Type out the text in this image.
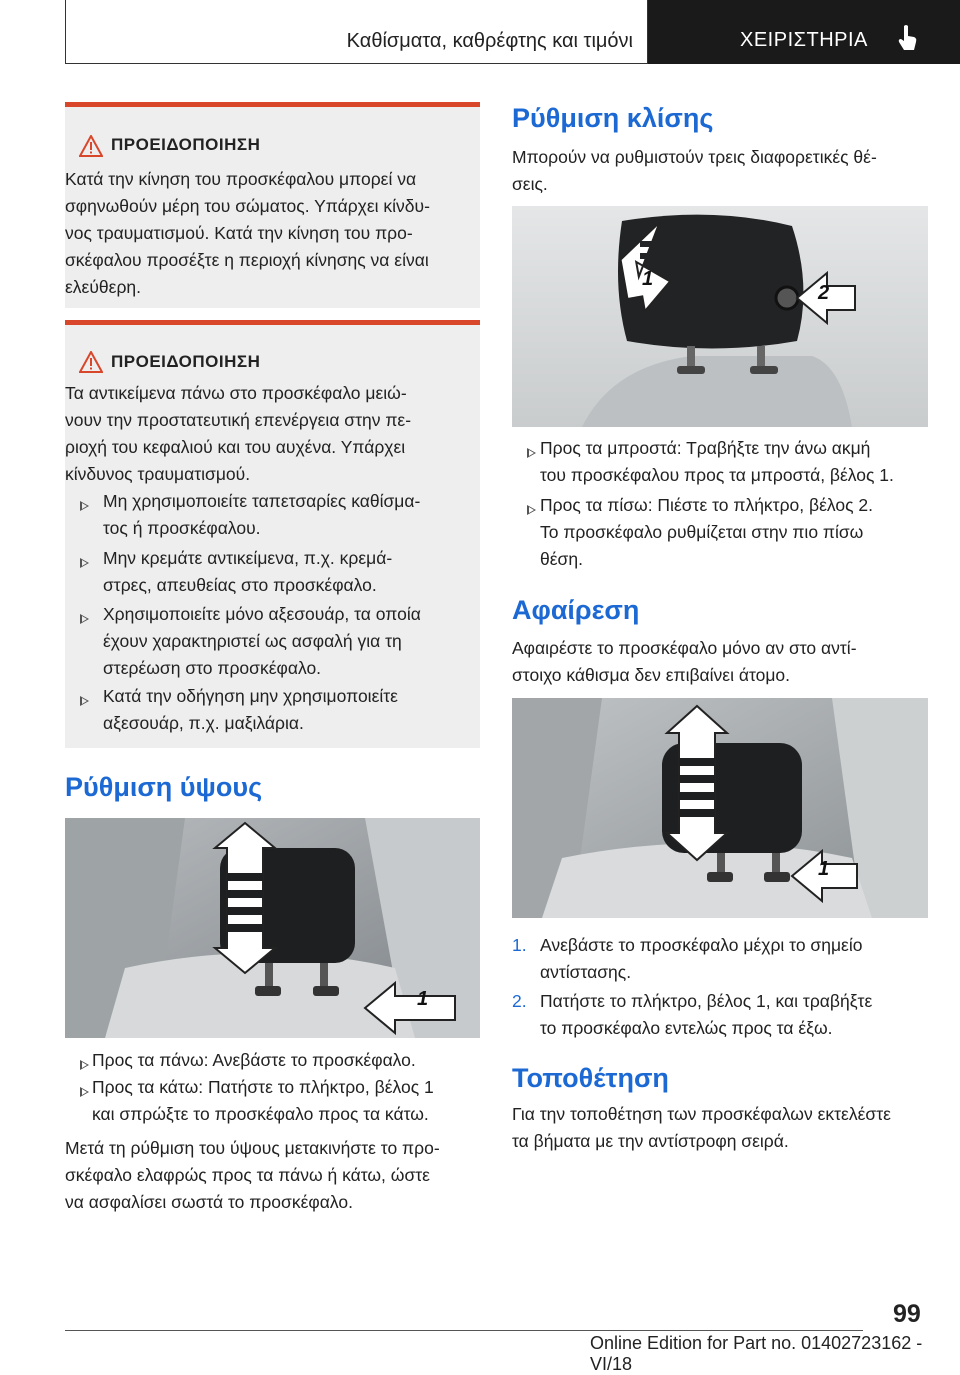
Καθίσματα, καθρέφτης και τιμόνι	ΧΕΙΡΙΣΤΗΡΙΑ
ΠΡΟΕΙΔΟΠΟΙΗΣΗ
Κατά την κίνηση του προσκέφαλου μπορεί να
σφηνωθούν μέρη του σώματος. Υπάρχει κίνδυ-
νος τραυματισμού. Κατά την κίνηση του προ-
σκέφαλου προσέξτε η περιοχή κίνησης να είναι
ελεύθερη.
ΠΡΟΕΙΔΟΠΟΙΗΣΗ
Τα αντικείμενα πάνω στο προσκέφαλο μειώ-
νουν την προστατευτική επενέργεια στην πε-
ριοχή του κεφαλιού και του αυχένα. Υπάρχει
κίνδυνος τραυματισμού.
Μη χρησιμοποιείτε ταπετσαρίες καθίσμα-
τος ή προσκέφαλου.
Μην κρεμάτε αντικείμενα, π.χ. κρεμά-
στρες, απευθείας στο προσκέφαλο.
Χρησιμοποιείτε μόνο αξεσουάρ, τα οποία
έχουν χαρακτηριστεί ως ασφαλή για τη
στερέωση στο προσκέφαλο.
Κατά την οδήγηση μην χρησιμοποιείτε
αξεσουάρ, π.χ. μαξιλάρια.
Ρύθμιση ύψους
1
Προς τα πάνω: Ανεβάστε το προσκέφαλο.
Προς τα κάτω: Πατήστε το πλήκτρο, βέλος 1
και σπρώξτε το προσκέφαλο προς τα κάτω.
Μετά τη ρύθμιση του ύψους μετακινήστε το προ-
σκέφαλο ελαφρώς προς τα πάνω ή κάτω, ώστε
να ασφαλίσει σωστά το προσκέφαλο.
Ρύθμιση κλίσης
Μπορούν να ρυθμιστούν τρεις διαφορετικές θέ-
σεις.
1
2
Προς τα μπροστά: Τραβήξτε την άνω ακμή
του προσκέφαλου προς τα μπροστά, βέλος 1.
Προς τα πίσω: Πιέστε το πλήκτρο, βέλος 2.
Το προσκέφαλο ρυθμίζεται στην πιο πίσω
θέση.
Αφαίρεση
Αφαιρέστε το προσκέφαλο μόνο αν στο αντί-
στοιχο κάθισμα δεν επιβαίνει άτομο.
1
1. Ανεβάστε το προσκέφαλο μέχρι το σημείο
αντίστασης.
2. Πατήστε το πλήκτρο, βέλος 1, και τραβήξτε
το προσκέφαλο εντελώς προς τα έξω.
Τοποθέτηση
Για την τοποθέτηση των προσκέφαλων εκτελέστε
τα βήματα με την αντίστροφη σειρά.
99
Online Edition for Part no. 01402723162 - VI/18
